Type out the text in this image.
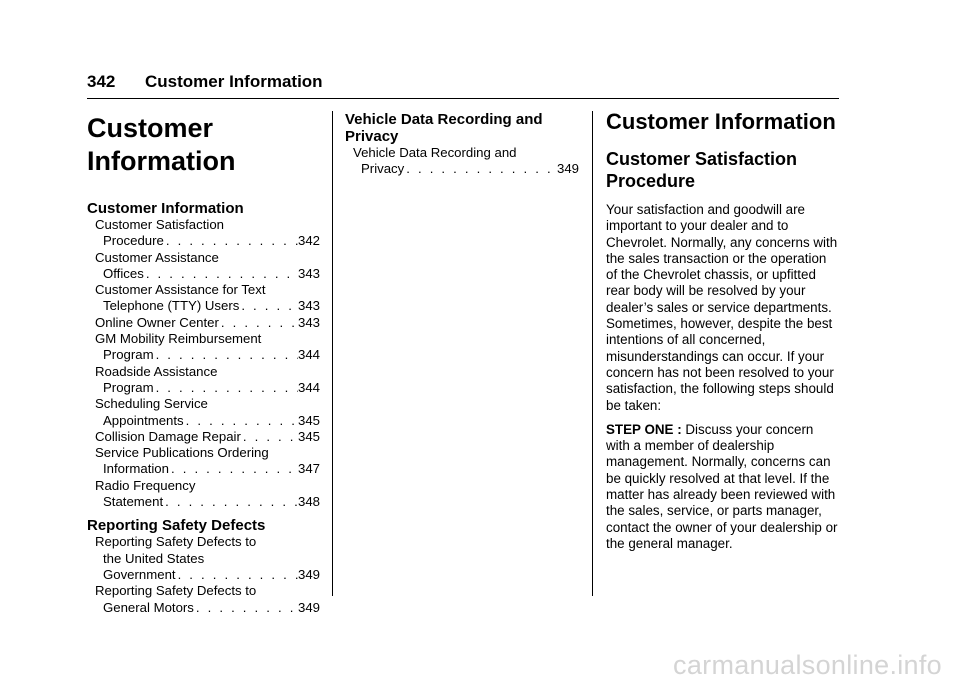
342 Customer Information
Customer
Information
Customer Information
Customer Satisfaction
Procedure . . .	342
Customer Assistance
Offices . . .	343
Customer Assistance for Text
Telephone (TTY) Users . . .	343
Online Owner Center . . .	343
GM Mobility Reimbursement
Program . . .	344
Roadside Assistance
Program . . .	344
Scheduling Service
Appointments . . .	345
Collision Damage Repair . . .	345
Service Publications Ordering
Information . . .	347
Radio Frequency
Statement . . .	348
Reporting Safety Defects
Reporting Safety Defects to
the United States
Government . . .	349
Reporting Safety Defects to
General Motors . . .	349
Vehicle Data Recording and
Privacy
Vehicle Data Recording and
Privacy . . .	349
Customer Information
Customer Satisfaction
Procedure

Your satisfaction and goodwill are important to your dealer and to Chevrolet. Normally, any concerns with the sales transaction or the operation of the Chevrolet chassis, or upfitted rear body will be resolved by your dealer’s sales or service departments. Sometimes, however, despite the best intentions of all concerned, misunderstandings can occur. If your concern has not been resolved to your satisfaction, the following steps should be taken:

STEP ONE : Discuss your concern with a member of dealership management. Normally, concerns can be quickly resolved at that level. If the matter has already been reviewed with the sales, service, or parts manager, contact the owner of your dealership or the general manager.

carmanualsonline.info
